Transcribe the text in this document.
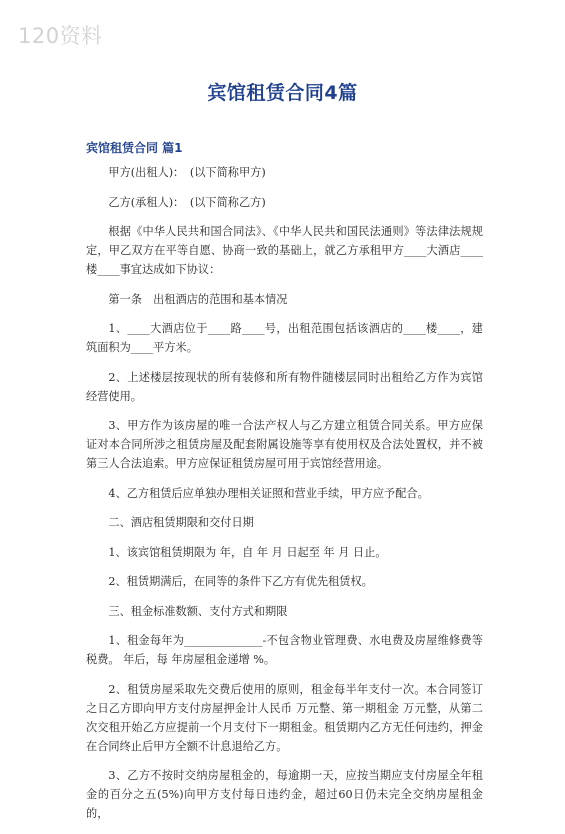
120资料
宾馆租赁合同4篇
宾馆租赁合同 篇1

甲方(出租人)：　(以下简称甲方)

乙方(承租人)：　(以下简称乙方)

根据《中华人民共和国合同法》、《中华人民共和国民法通则》等法律法规规定，甲乙双方在平等自愿、协商一致的基础上，就乙方承租甲方____大酒店____楼____事宜达成如下协议：

第一条　出租酒店的范围和基本情况

1、____大酒店位于____路____号，出租范围包括该酒店的____楼____，建筑面积为____平方米。

2、上述楼层按现状的所有装修和所有物件随楼层同时出租给乙方作为宾馆经营使用。

3、甲方作为该房屋的唯一合法产权人与乙方建立租赁合同关系。甲方应保证对本合同所涉之租赁房屋及配套附属设施等享有使用权及合法处置权，并不被第三人合法追索。甲方应保证租赁房屋可用于宾馆经营用途。

4、乙方租赁后应单独办理相关证照和营业手续，甲方应予配合。

二、酒店租赁期限和交付日期

1、该宾馆租赁期限为 年，自 年 月 日起至 年 月 日止。

2、租赁期满后，在同等的条件下乙方有优先租赁权。

三、租金标准数额、支付方式和期限

1、租金每年为______________-不包含物业管理费、水电费及房屋维修费等税费。 年后，每 年房屋租金递增 %。

2、租赁房屋采取先交费后使用的原则，租金每半年支付一次。本合同签订之日乙方即向甲方支付房屋押金计人民币 万元整、第一期租金 万元整，从第二次交租开始乙方应提前一个月支付下一期租金。租赁期内乙方无任何违约，押金在合同终止后甲方全额不计息退给乙方。

3、乙方不按时交纳房屋租金的，每逾期一天，应按当期应支付房屋全年租金的百分之五(5%)向甲方支付每日违约金，超过60日仍未完全交纳房屋租金的，
